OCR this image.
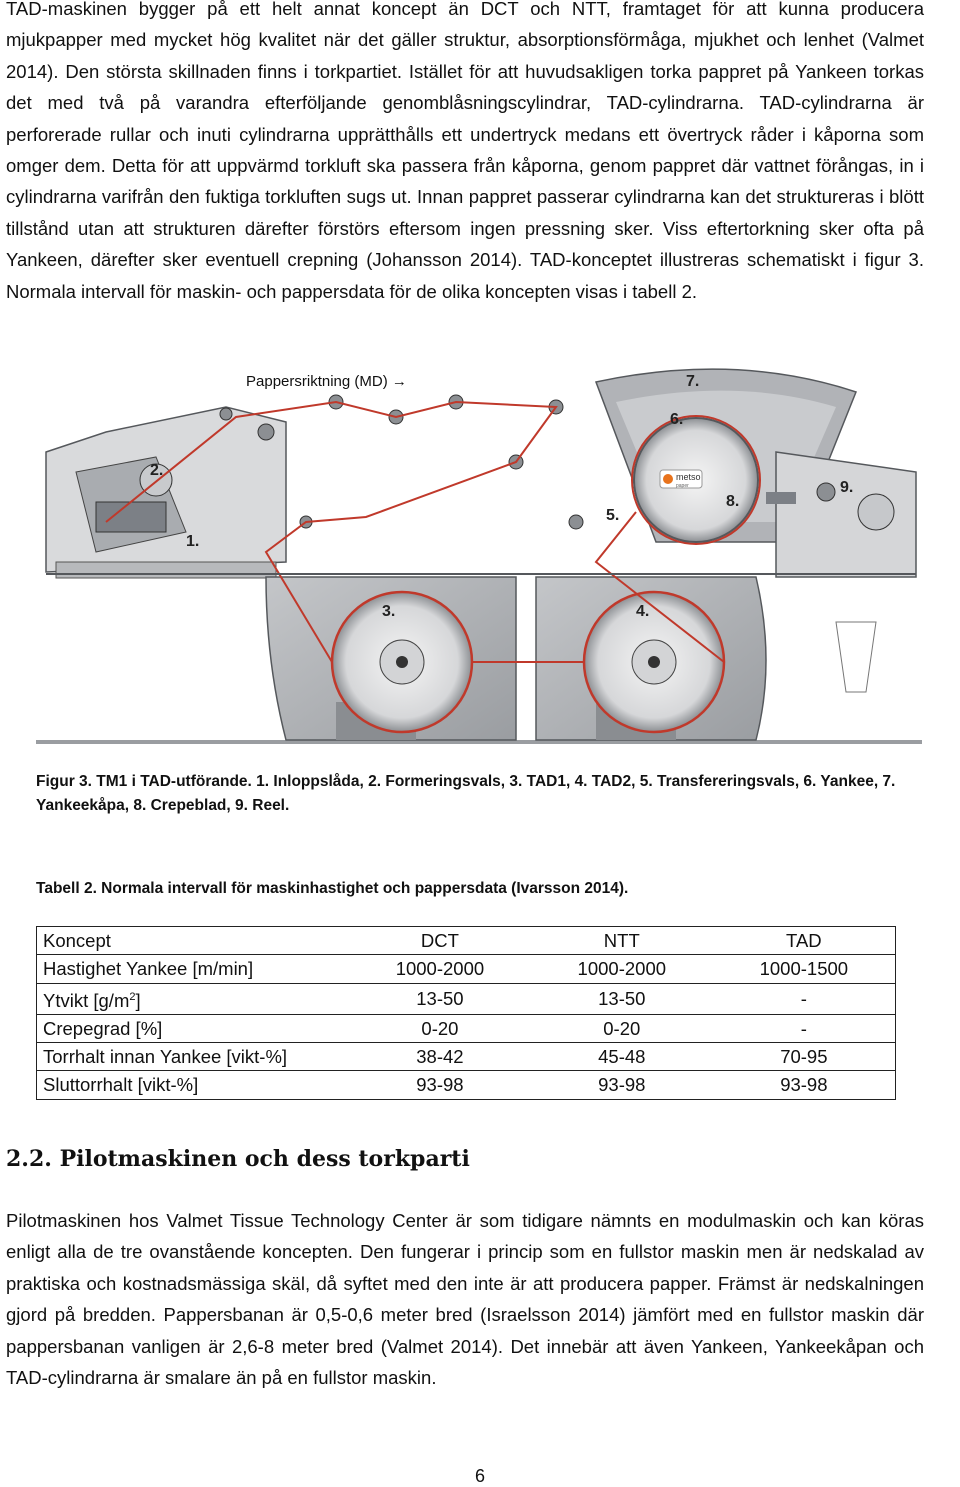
TAD-maskinen bygger på ett helt annat koncept än DCT och NTT, framtaget för att kunna producera mjukpapper med mycket hög kvalitet när det gäller struktur, absorptionsförmåga, mjukhet och lenhet (Valmet 2014). Den största skillnaden finns i torkpartiet. Istället för att huvudsakligen torka pappret på Yankeen torkas det med två på varandra efterföljande genomblåsningscylindrar, TAD-cylindrarna. TAD-cylindrarna är perforerade rullar och inuti cylindrarna upprätthålls ett undertryck medans ett övertryck råder i kåporna som omger dem. Detta för att uppvärmd torkluft ska passera från kåporna, genom pappret där vattnet förångas, in i cylindrarna varifrån den fuktiga torkluften sugs ut. Innan pappret passerar cylindrarna kan det struktureras i blött tillstånd utan att strukturen därefter förstörs eftersom ingen pressning sker. Viss eftertorkning sker ofta på Yankeen, därefter sker eventuell crepning (Johansson 2014). TAD-konceptet illustreras schematiskt i figur 3. Normala intervall för maskin- och pappersdata för de olika koncepten visas i tabell 2.

metso
paper
Pappersriktning (MD) →
1.
2.
3.	4.
5.
6.
7.
8.
9.

Figur 3. TM1 i TAD-utförande. 1. Inloppslåda, 2. Formeringsvals, 3. TAD1, 4. TAD2, 5. Transfereringsvals, 6. Yankee, 7. Yankeekåpa, 8. Crepeblad, 9. Reel.

Tabell 2. Normala intervall för maskinhastighet och pappersdata (Ivarsson 2014).

Koncept	DCT	NTT	TAD
Hastighet Yankee [m/min]	1000-2000	1000-2000	1000-1500
Ytvikt $[g/m^2]$	13-50	13-50	-
Crepegrad [%]	0-20	0-20	-
Torrhalt innan Yankee [vikt-%]	38-42	45-48	70-95
Sluttorrhalt [vikt-%]	93-98	93-98	93-98
2.2. Pilotmaskinen och dess torkparti

Pilotmaskinen hos Valmet Tissue Technology Center är som tidigare nämnts en modulmaskin och kan köras enligt alla de tre ovanstående koncepten. Den fungerar i princip som en fullstor maskin men är nedskalad av praktiska och kostnadsmässiga skäl, då syftet med den inte är att producera papper. Främst är nedskalningen gjord på bredden. Pappersbanan är 0,5-0,6 meter bred (Israelsson 2014) jämfört med en fullstor maskin där pappersbanan vanligen är 2,6-8 meter bred (Valmet 2014). Det innebär att även Yankeen, Yankeekåpan och TAD-cylindrarna är smalare än på en fullstor maskin.

6
